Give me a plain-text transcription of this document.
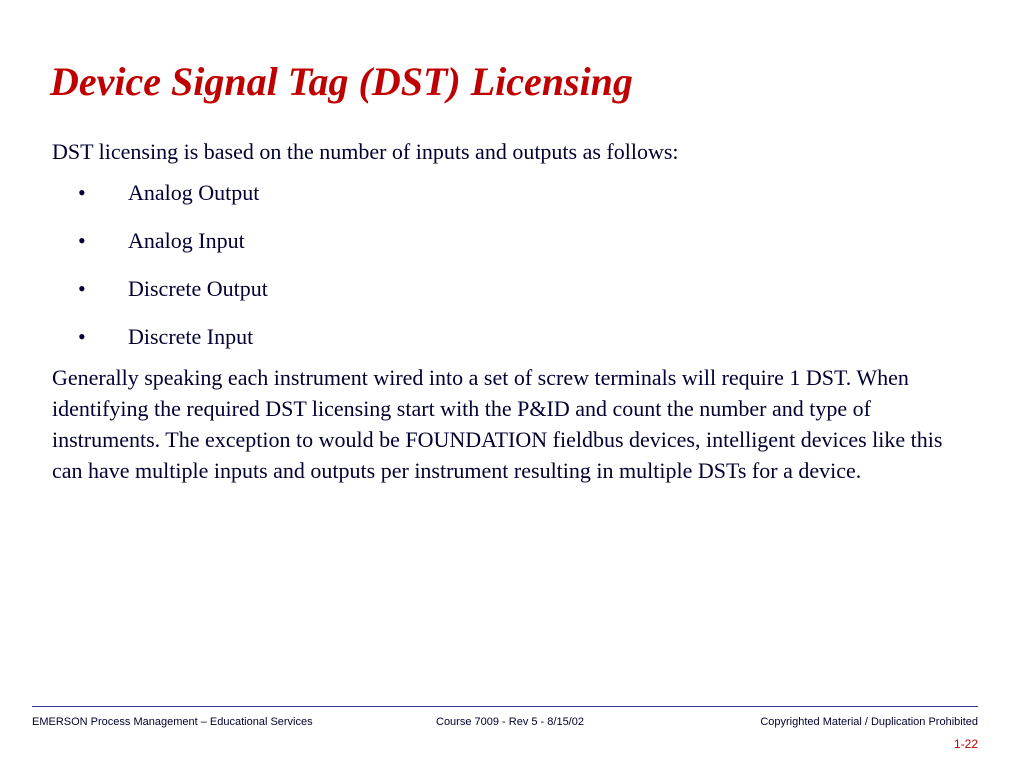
Device Signal Tag (DST) Licensing

DST licensing is based on the number of inputs and outputs as follows:

• Analog Output
• Analog Input
• Discrete Output
• Discrete Input

Generally speaking each instrument wired into a set of screw terminals will require 1 DST. When identifying the required DST licensing start with the P&ID and count the number and type of instruments. The exception to would be FOUNDATION fieldbus devices, intelligent devices like this can have multiple inputs and outputs per instrument resulting in multiple DSTs for a device.

EMERSON Process Management – Educational Services	Course 7009 - Rev 5 - 8/15/02	Copyrighted Material / Duplication Prohibited
1-22
